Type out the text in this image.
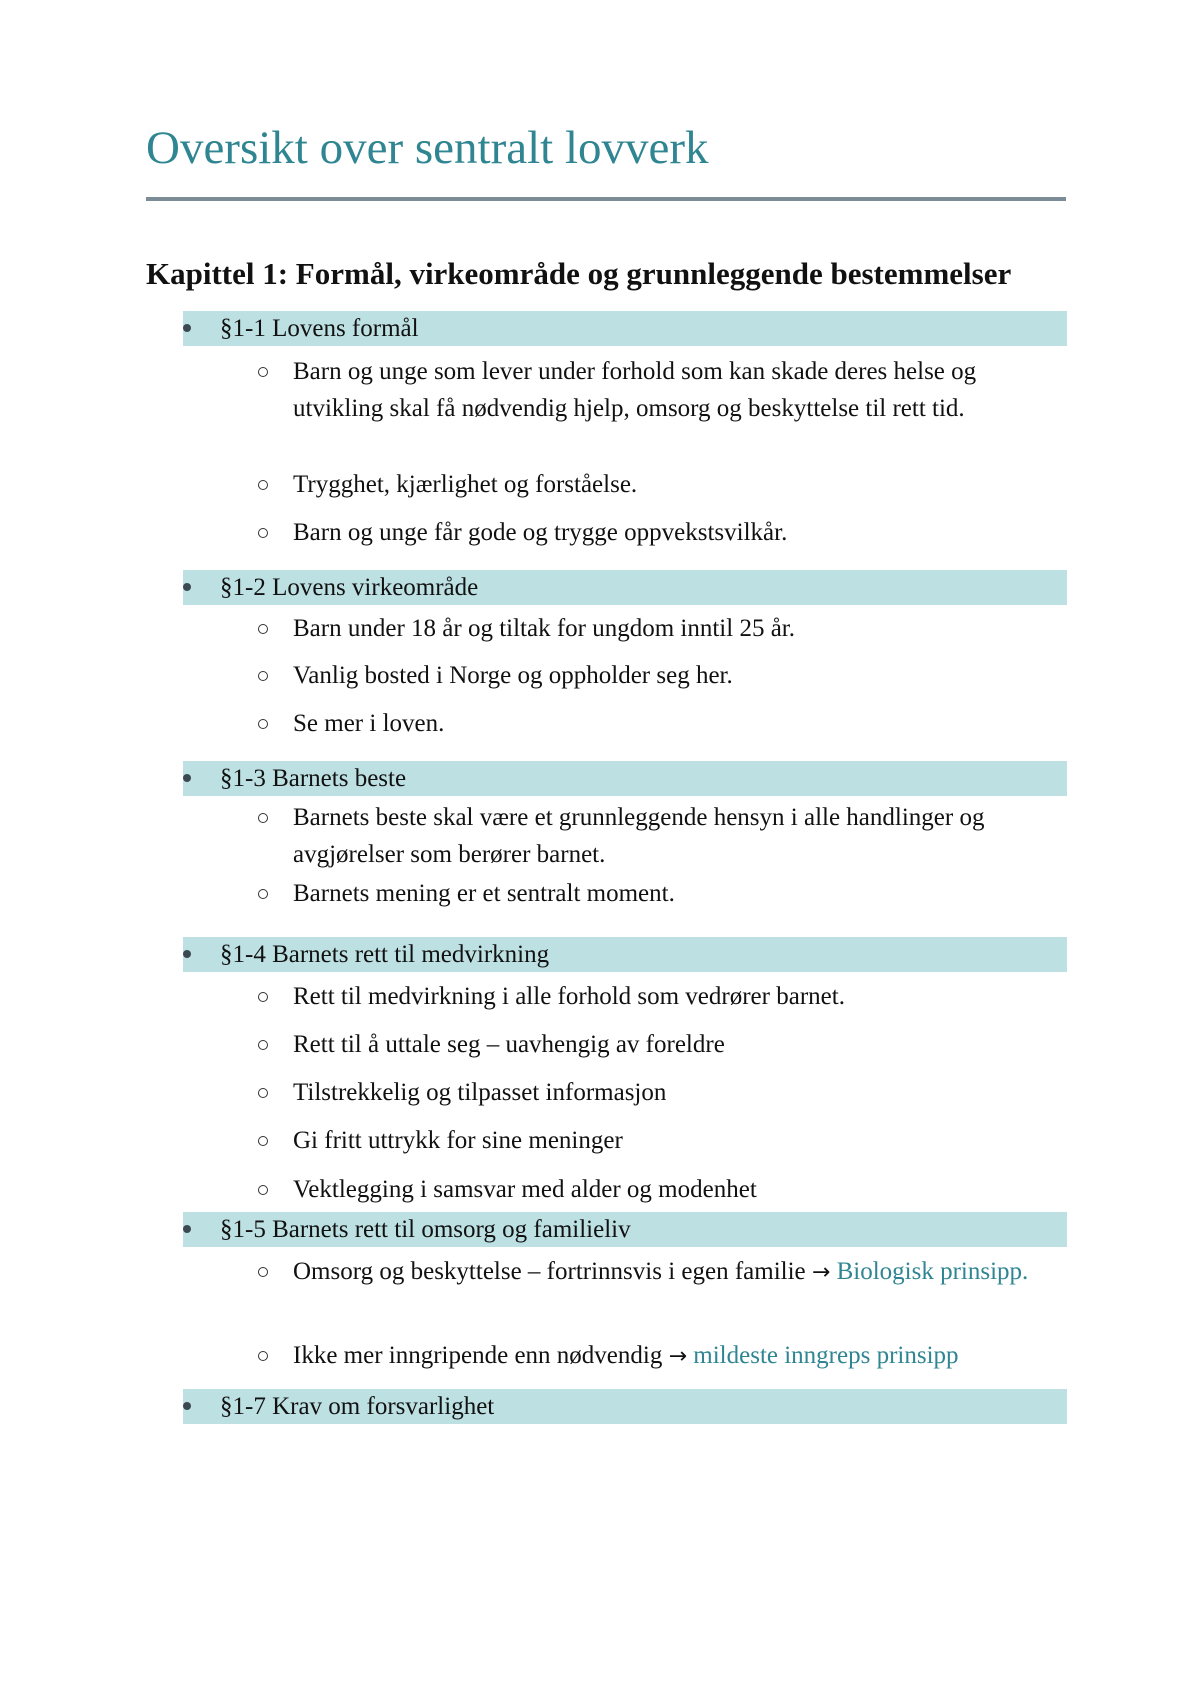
Oversikt over sentralt lovverk
Kapittel 1: Formål, virkeområde og grunnleggende bestemmelser
§1-1 Lovens formål
Barn og unge som lever under forhold som kan skade deres helse og utvikling skal få nødvendig hjelp, omsorg og beskyttelse til rett tid.
Trygghet, kjærlighet og forståelse.
Barn og unge får gode og trygge oppvekstsvilkår.
§1-2 Lovens virkeområde
Barn under 18 år og tiltak for ungdom inntil 25 år.
Vanlig bosted i Norge og oppholder seg her.
Se mer i loven.
§1-3 Barnets beste
Barnets beste skal være et grunnleggende hensyn i alle handlinger og avgjørelser som berører barnet.
Barnets mening er et sentralt moment.
§1-4 Barnets rett til medvirkning
Rett til medvirkning i alle forhold som vedrører barnet.
Rett til å uttale seg – uavhengig av foreldre
Tilstrekkelig og tilpasset informasjon
Gi fritt uttrykk for sine meninger
Vektlegging i samsvar med alder og modenhet
§1-5 Barnets rett til omsorg og familieliv
Omsorg og beskyttelse – fortrinnsvis i egen familie → Biologisk prinsipp.
Ikke mer inngripende enn nødvendig → mildeste inngreps prinsipp
§1-7 Krav om forsvarlighet
